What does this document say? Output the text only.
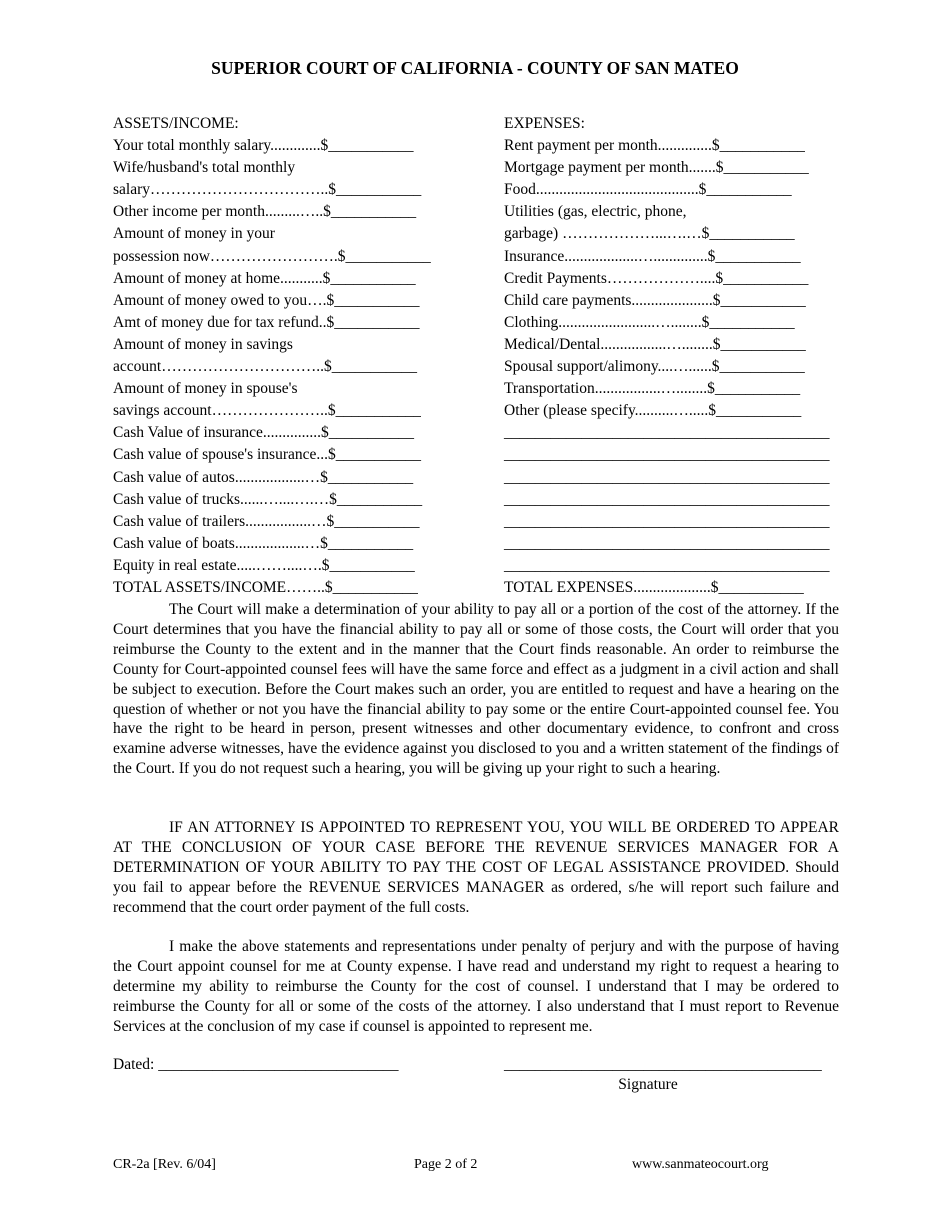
SUPERIOR COURT OF CALIFORNIA - COUNTY OF SAN MATEO
ASSETS/INCOME:
Your total monthly salary.............$___________
Wife/husband's total monthly
salary……………………………..$___________
Other income per month.........…..$___________
Amount of money in your
possession now…………………….$___________
Amount of money at home...........$___________
Amount of money owed to you….$___________
Amt of money due for tax refund..$___________
Amount of money in savings
account…………………………..$___________
Amount of money in spouse's
savings account…………………..$___________
Cash Value of insurance...............$___________
Cash value of spouse's insurance...$___________
Cash value of autos..................…$___________
Cash value of trucks......…....….…$___________
Cash value of trailers.................…$___________
Cash value of boats..................…$___________
Equity in real estate.....……....….$___________
TOTAL ASSETS/INCOME……..$___________
EXPENSES:
Rent payment per month..............$___________
Mortgage payment per month.......$___________
Food..........................................$___________
Utilities (gas, electric, phone,
garbage) ………………...….…$___________
Insurance...................…..............$___________
Credit Payments………………....$___________
Child care payments.....................$___________
Clothing.........................…........$___________
Medical/Dental.................…........$___________
Spousal support/alimony....…......$___________
Transportation.................…........$___________
Other (please specify..........….....$___________
__________________________________________
__________________________________________
__________________________________________
__________________________________________
__________________________________________
__________________________________________
__________________________________________
TOTAL EXPENSES....................$___________
The Court will make a determination of your ability to pay all or a portion of the cost of the attorney. If the Court determines that you have the financial ability to pay all or some of those costs, the Court will order that you reimburse the County to the extent and in the manner that the Court finds reasonable. An order to reimburse the County for Court-appointed counsel fees will have the same force and effect as a judgment in a civil action and shall be subject to execution. Before the Court makes such an order, you are entitled to request and have a hearing on the question of whether or not you have the financial ability to pay some or the entire Court-appointed counsel fee. You have the right to be heard in person, present witnesses and other documentary evidence, to confront and cross examine adverse witnesses, have the evidence against you disclosed to you and a written statement of the findings of the Court. If you do not request such a hearing, you will be giving up your right to such a hearing.
IF AN ATTORNEY IS APPOINTED TO REPRESENT YOU, YOU WILL BE ORDERED TO APPEAR AT THE CONCLUSION OF YOUR CASE BEFORE THE REVENUE SERVICES MANAGER FOR A DETERMINATION OF YOUR ABILITY TO PAY THE COST OF LEGAL ASSISTANCE PROVIDED. Should you fail to appear before the REVENUE SERVICES MANAGER as ordered, s/he will report such failure and recommend that the court order payment of the full costs.
I make the above statements and representations under penalty of perjury and with the purpose of having the Court appoint counsel for me at County expense. I have read and understand my right to request a hearing to determine my ability to reimburse the County for the cost of counsel. I understand that I may be ordered to reimburse the County for all or some of the costs of the attorney. I also understand that I must report to Revenue Services at the conclusion of my case if counsel is appointed to represent me.
Dated: _______________________________	_________________________________________
Signature
CR-2a [Rev. 6/04]	Page 2 of 2	www.sanmateocourt.org
